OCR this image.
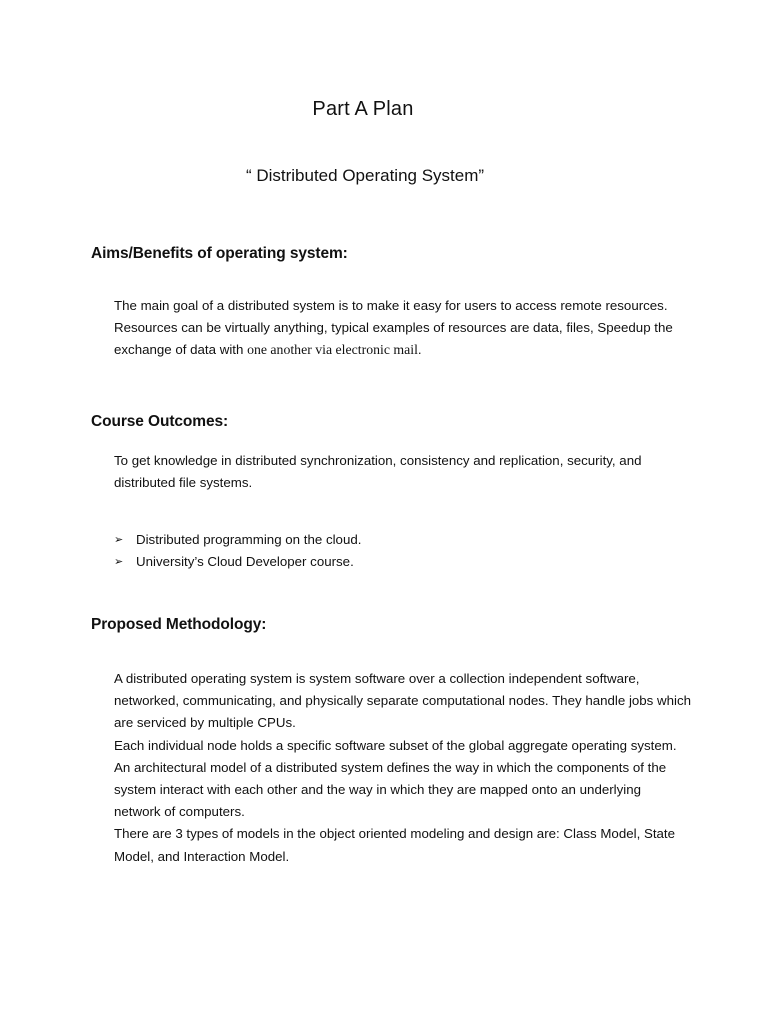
Part A Plan
“ Distributed Operating System”
Aims/Benefits of operating system:

The main goal of a distributed system is to make it easy for users to access remote resources.
Resources can be virtually anything, typical examples of resources are data, files, Speedup the
exchange of data with one another via electronic mail.

Course Outcomes:

To get knowledge in distributed synchronization, consistency and replication, security, and
distributed file systems.

➢ Distributed programming on the cloud.
➢ University’s Cloud Developer course.
Proposed Methodology:

A distributed operating system is system software over a collection independent software,
networked, communicating, and physically separate computational nodes. They handle jobs which
are serviced by multiple CPUs.
Each individual node holds a specific software subset of the global aggregate operating system.
An architectural model of a distributed system defines the way in which the components of the
system interact with each other and the way in which they are mapped onto an underlying
network of computers.
There are 3 types of models in the object oriented modeling and design are: Class Model, State
Model, and Interaction Model.
